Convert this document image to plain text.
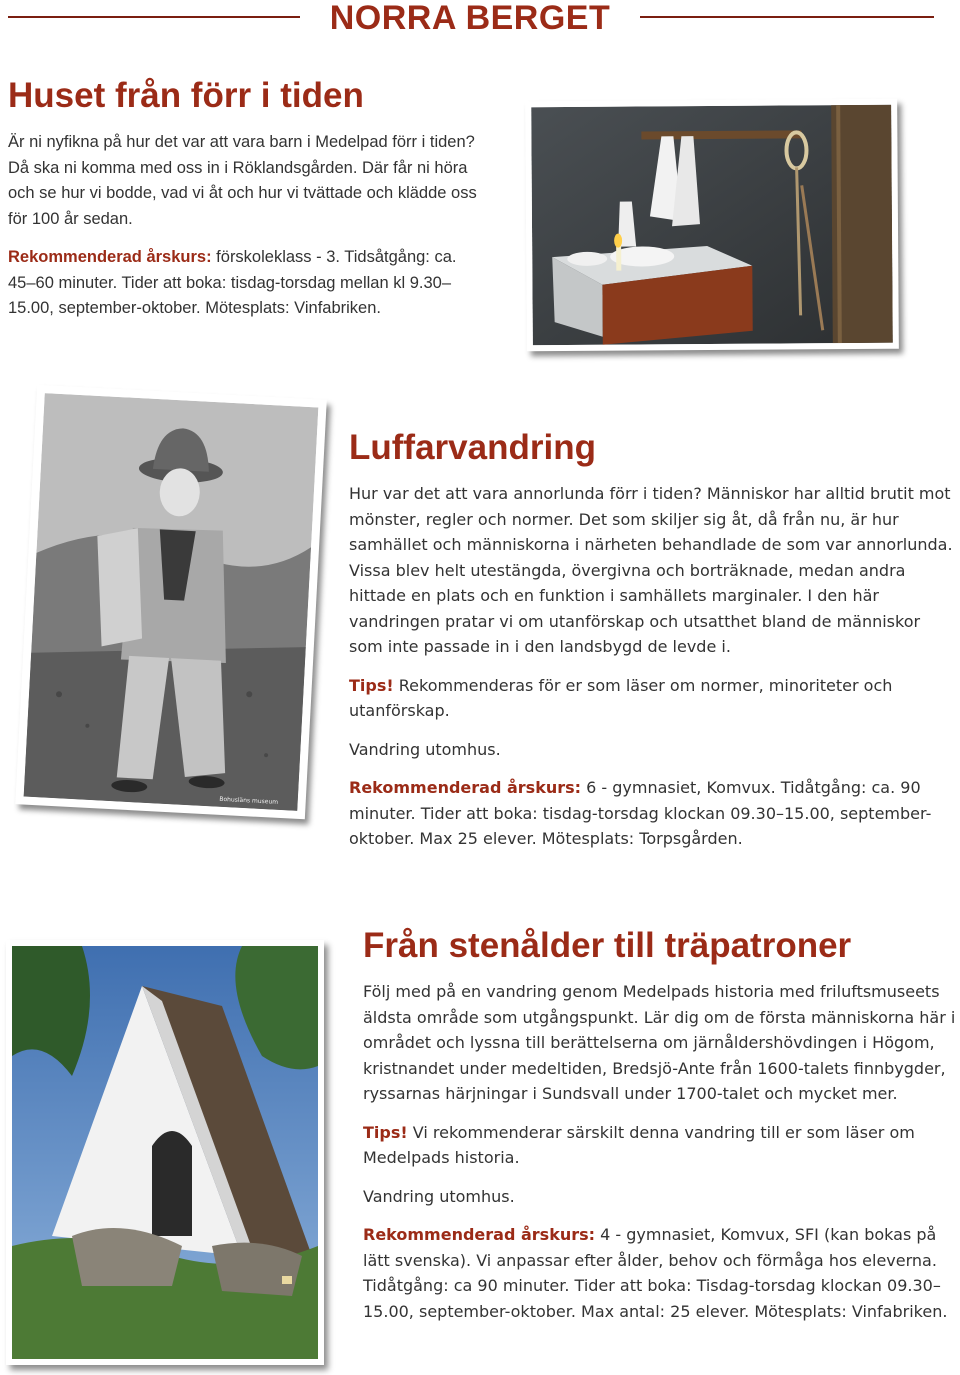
NORRA BERGET
Huset från förr i tiden

Är ni nyfikna på hur det var att vara barn i Medelpad förr i tiden? Då ska ni komma med oss in i Röklandsgården. Där får ni höra och se hur vi bodde, vad vi åt och hur vi tvättade och klädde oss för 100 år sedan.

Rekommenderad årskurs: förskoleklass - 3. Tidsåtgång: ca. 45–60 minuter. Tider att boka: tisdag-torsdag mellan kl 9.30–15.00, september-oktober. Mötesplats: Vinfabriken.

Bohusläns museum
Luffarvandring

Hur var det att vara annorlunda förr i tiden? Människor har alltid brutit mot mönster, regler och normer. Det som skiljer sig åt, då från nu, är hur samhället och människorna i närheten behandlade de som var annorlunda. Vissa blev helt utestängda, övergivna och borträknade, medan andra hittade en plats och en funktion i samhällets marginaler. I den här vandringen pratar vi om utanförskap och utsatthet bland de människor som inte passade in i den landsbygd de levde i.

Tips! Rekommenderas för er som läser om normer, minoriteter och utanförskap.

Vandring utomhus.

Rekommenderad årskurs: 6 - gymnasiet, Komvux. Tidåtgång: ca. 90 minuter. Tider att boka: tisdag-torsdag klockan 09.30–15.00, september-oktober. Max 25 elever. Mötesplats: Torpsgården.

Från stenålder till träpatroner

Följ med på en vandring genom Medelpads historia med friluftsmuseets äldsta område som utgångspunkt. Lär dig om de första människorna här i området och lyssna till berättelserna om järnåldershövdingen i Högom, kristnandet under medeltiden, Bredsjö-Ante från 1600-talets finnbygder, ryssarnas härjningar i Sundsvall under 1700-talet och mycket mer.

Tips! Vi rekommenderar särskilt denna vandring till er som läser om Medelpads historia.

Vandring utomhus.

Rekommenderad årskurs: 4 - gymnasiet, Komvux, SFI (kan bokas på lätt svenska). Vi anpassar efter ålder, behov och förmåga hos eleverna. Tidåtgång: ca 90 minuter. Tider att boka: Tisdag-torsdag klockan 09.30–15.00, september-oktober. Max antal: 25 elever. Mötesplats: Vinfabriken.
